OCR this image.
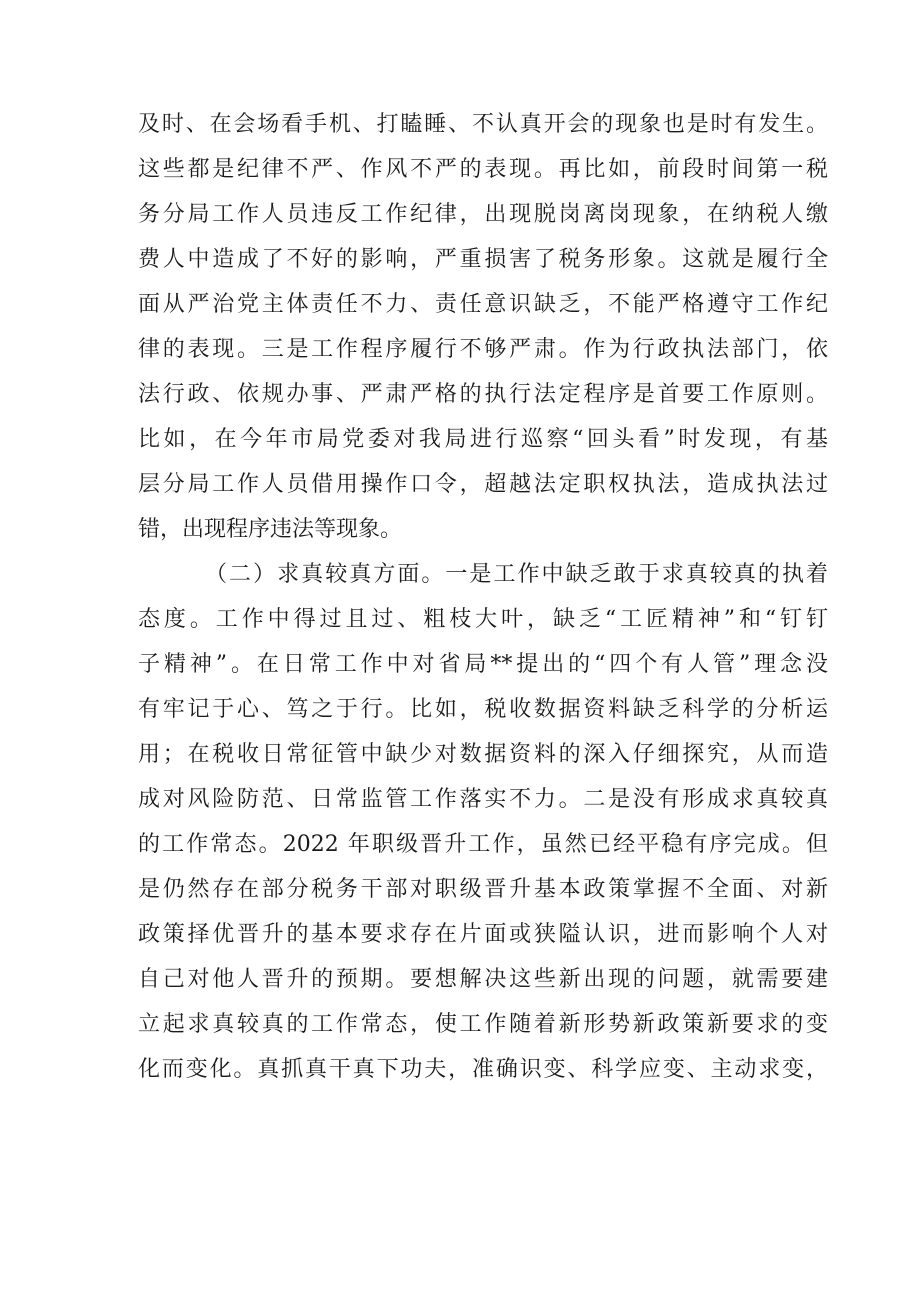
及时、在会场看手机、打瞌睡、不认真开会的现象也是时有发生。
这些都是纪律不严、作风不严的表现。再比如，前段时间第一税
务分局工作人员违反工作纪律，出现脱岗离岗现象，在纳税人缴
费人中造成了不好的影响，严重损害了税务形象。这就是履行全
面从严治党主体责任不力、责任意识缺乏，不能严格遵守工作纪
律的表现。三是工作程序履行不够严肃。作为行政执法部门，依
法行政、依规办事、严肃严格的执行法定程序是首要工作原则。
比如，在今年市局党委对我局进行巡察“回头看”时发现，有基
层分局工作人员借用操作口令，超越法定职权执法，造成执法过
错，出现程序违法等现象。
（二）求真较真方面。一是工作中缺乏敢于求真较真的执着
态度。工作中得过且过、粗枝大叶，缺乏“工匠精神”和“钉钉
子精神”。在日常工作中对省局**提出的“四个有人管”理念没
有牢记于心、笃之于行。比如，税收数据资料缺乏科学的分析运
用；在税收日常征管中缺少对数据资料的深入仔细探究，从而造
成对风险防范、日常监管工作落实不力。二是没有形成求真较真
的工作常态。2022 年职级晋升工作，虽然已经平稳有序完成。但
是仍然存在部分税务干部对职级晋升基本政策掌握不全面、对新
政策择优晋升的基本要求存在片面或狭隘认识，进而影响个人对
自己对他人晋升的预期。要想解决这些新出现的问题，就需要建
立起求真较真的工作常态，使工作随着新形势新政策新要求的变
化而变化。真抓真干真下功夫，准确识变、科学应变、主动求变，
